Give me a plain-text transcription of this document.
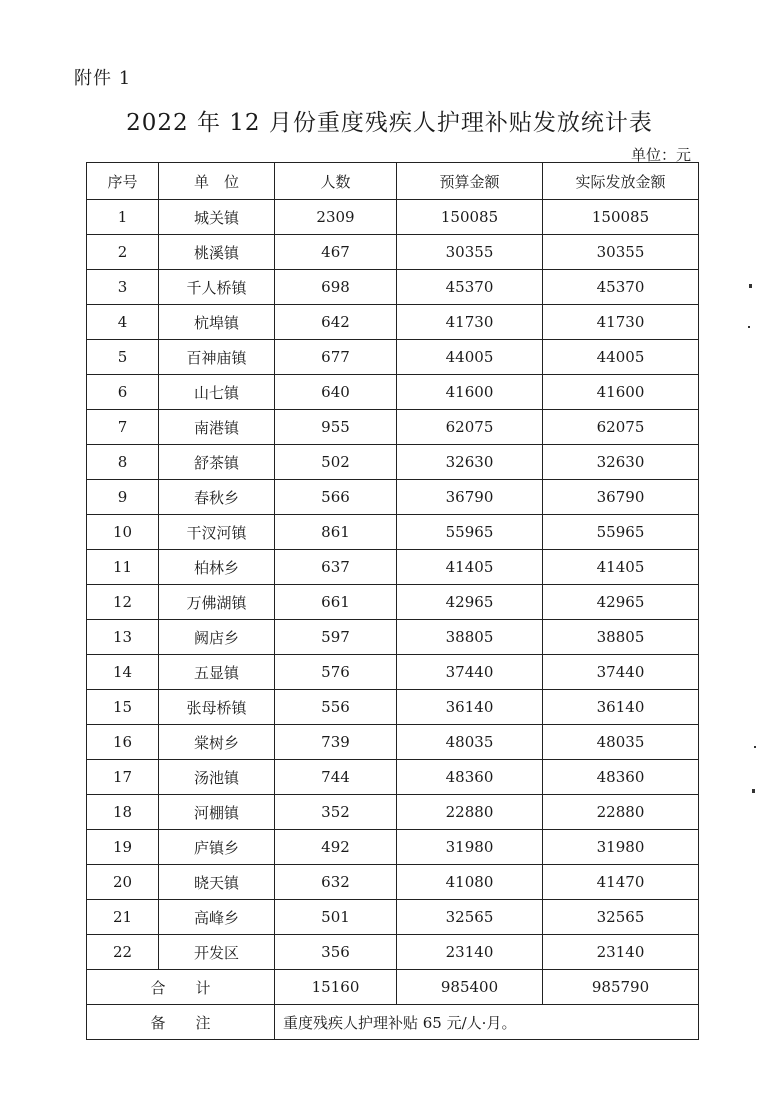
附件 1
2022 年 12 月份重度残疾人护理补贴发放统计表
单位：元
序号	单　位	人数	预算金额	实际发放金额
1	城关镇	2309	150085	150085
2	桃溪镇	467	30355	30355
3	千人桥镇	698	45370	45370
4	杭埠镇	642	41730	41730
5	百神庙镇	677	44005	44005
6	山七镇	640	41600	41600
7	南港镇	955	62075	62075
8	舒茶镇	502	32630	32630
9	春秋乡	566	36790	36790
10	干汊河镇	861	55965	55965
11	柏林乡	637	41405	41405
12	万佛湖镇	661	42965	42965
13	阙店乡	597	38805	38805
14	五显镇	576	37440	37440
15	张母桥镇	556	36140	36140
16	棠树乡	739	48035	48035
17	汤池镇	744	48360	48360
18	河棚镇	352	22880	22880
19	庐镇乡	492	31980	31980
20	晓天镇	632	41080	41470
21	高峰乡	501	32565	32565
22	开发区	356	23140	23140
合　　计		15160	985400	985790
备　　注		重度残疾人护理补贴 65 元/人·月。		
